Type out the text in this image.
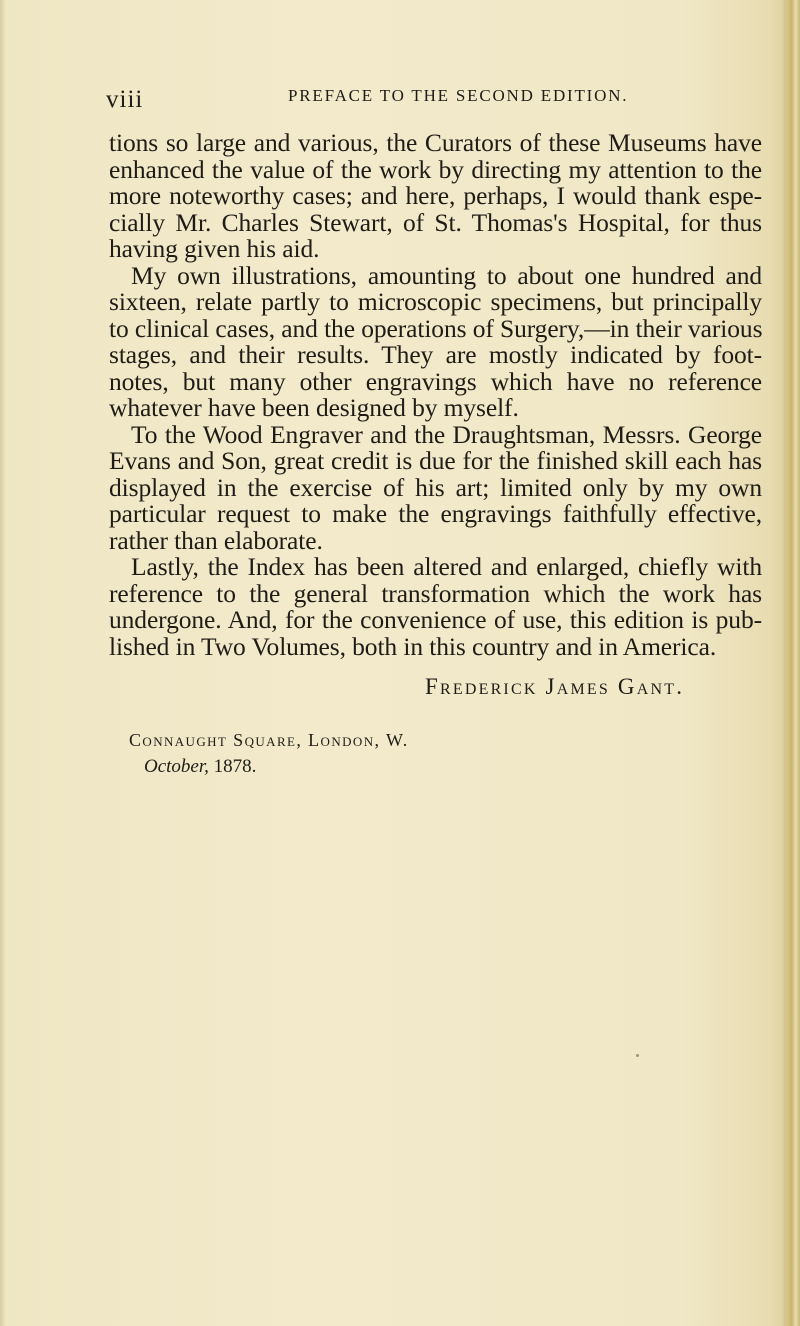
viii	PREFACE TO THE SECOND EDITION.
tions so large and various, the Curators of these Museums have
enhanced the value of the work by directing my attention to the
more noteworthy cases; and here, perhaps, I would thank espe-
cially Mr. Charles Stewart, of St. Thomas's Hospital, for thus
having given his aid.
My own illustrations, amounting to about one hundred and
sixteen, relate partly to microscopic specimens, but principally
to clinical cases, and the operations of Surgery,—in their various
stages, and their results. They are mostly indicated by foot-
notes, but many other engravings which have no reference
whatever have been designed by myself.
To the Wood Engraver and the Draughtsman, Messrs. George
Evans and Son, great credit is due for the finished skill each has
displayed in the exercise of his art; limited only by my own
particular request to make the engravings faithfully effective,
rather than elaborate.
Lastly, the Index has been altered and enlarged, chiefly with
reference to the general transformation which the work has
undergone. And, for the convenience of use, this edition is pub-
lished in Two Volumes, both in this country and in America.
Frederick James Gant.
Connaught Square, London, W.
October, 1878.
